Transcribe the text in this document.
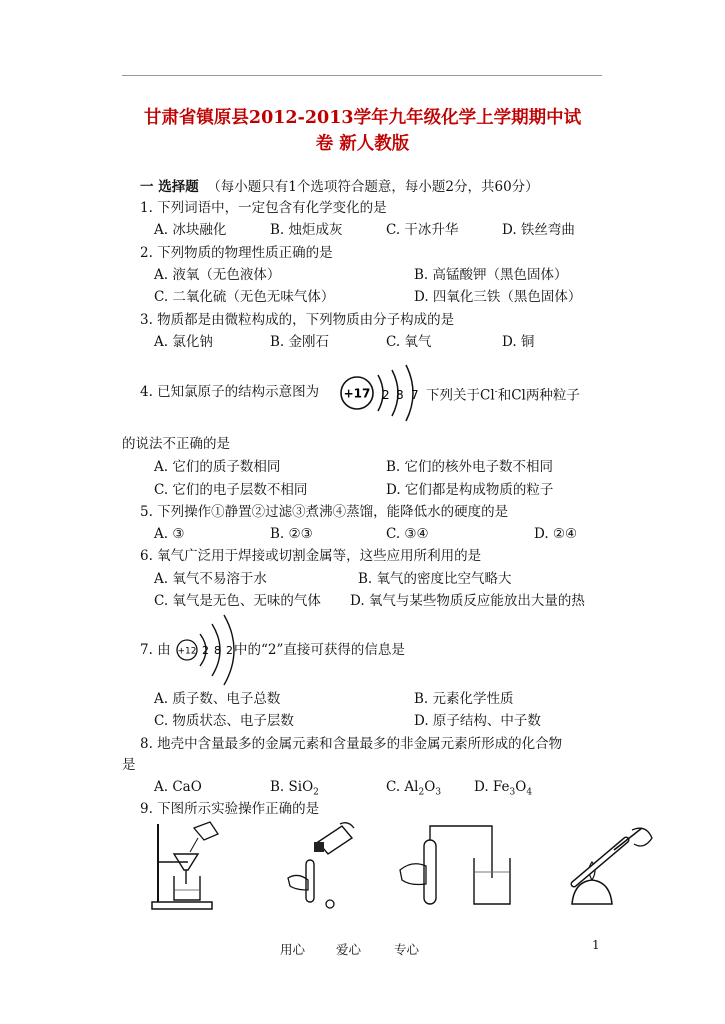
甘肃省镇原县2012-2013学年九年级化学上学期期中试
卷 新人教版
一 选择题 （每小题只有1个选项符合题意，每小题2分，共60分）
1. 下列词语中，一定包含有化学变化的是
A. 冰块融化	B. 烛炬成灰	C. 干冰升华	D. 铁丝弯曲
2. 下列物质的物理性质正确的是
A. 液氧（无色液体）	B. 高锰酸钾（黑色固体）
C. 二氧化硫（无色无味气体）	D. 四氧化三铁（黑色固体）
3. 物质都是由微粒构成的，下列物质由分子构成的是
A. 氯化钠	B. 金刚石	C. 氧气	D. 铜
4. 已知氯原子的结构示意图为 +17 2 8 7 下列关于Cl-和Cl两种粒子
的说法不正确的是
A. 它们的质子数相同	B. 它们的核外电子数不相同
C. 它们的电子层数不相同	D. 它们都是构成物质的粒子
5. 下列操作①静置②过滤③煮沸④蒸馏，能降低水的硬度的是
A. ③	B. ②③	C. ③④	D. ②④
6. 氧气广泛用于焊接或切割金属等，这些应用所利用的是
A. 氧气不易溶于水	B. 氧气的密度比空气略大
C. 氧气是无色、无味的气体 D. 氧气与某些物质反应能放出大量的热
7. 由 +12 2 8 2 中的“2”直接可获得的信息是
A. 质子数、电子总数	B. 元素化学性质
C. 物质状态、电子层数	D. 原子结构、中子数
8. 地壳中含量最多的金属元素和含量最多的非金属元素所形成的化合物
是
A. CaO	B. SiO$_2$	C. $Al_2O_3$ D. $Fe_3O_4$
9. 下图所示实验操作正确的是
用心 爱心	专心	1
